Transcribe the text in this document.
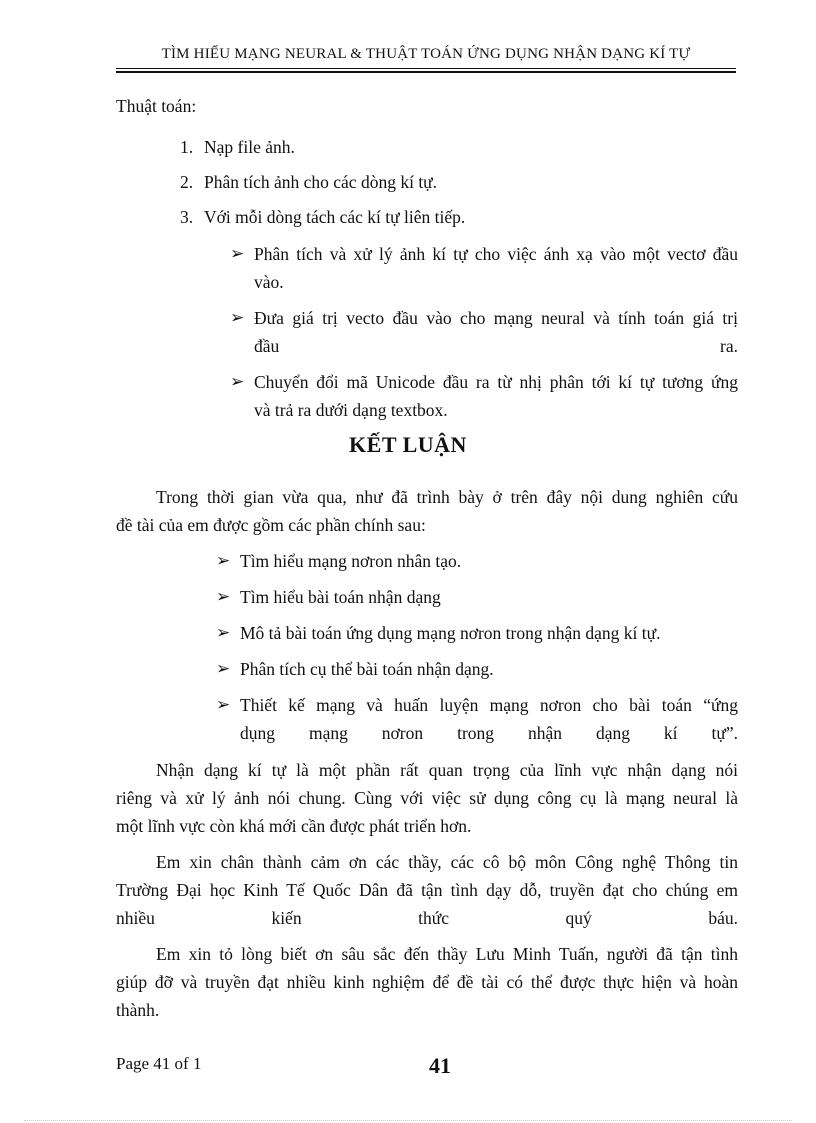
TÌM HIỂU MẠNG NEURAL & THUẬT TOÁN ỨNG DỤNG NHẬN DẠNG KÍ TỰ
Thuật toán:
1. Nạp file ảnh.
2. Phân tích ảnh cho các dòng kí tự.
3. Với mỗi dòng tách các kí tự liên tiếp.
➢ Phân tích và xử lý ảnh kí tự cho việc ánh xạ vào một vectơ đầu
vào.
➢ Đưa giá trị vecto đầu vào cho mạng neural và tính toán giá trị
đầu ra.
➢ Chuyển đổi mã Unicode đầu ra từ nhị phân tới kí tự tương ứng
và trả ra dưới dạng textbox.
KẾT LUẬN
Trong thời gian vừa qua, như đã trình bày ở trên đây nội dung nghiên cứu
đề tài của em được gồm các phần chính sau:
➢ Tìm hiểu mạng nơron nhân tạo.
➢ Tìm hiểu bài toán nhận dạng
➢ Mô tả bài toán ứng dụng mạng nơron trong nhận dạng kí tự.
➢ Phân tích cụ thể bài toán nhận dạng.
➢ Thiết kế mạng và huấn luyện mạng nơron cho bài toán “ứng
dụng mạng nơron trong nhận dạng kí tự”.
Nhận dạng kí tự là một phần rất quan trọng của lĩnh vực nhận dạng nói
riêng và xử lý ảnh nói chung. Cùng với việc sử dụng công cụ là mạng neural là
một lĩnh vực còn khá mới cần được phát triển hơn.
Em xin chân thành cảm ơn các thầy, các cô bộ môn Công nghệ Thông tin
Trường Đại học Kinh Tế Quốc Dân đã tận tình dạy dỗ, truyền đạt cho chúng em
nhiều kiến thức quý báu.
Em xin tỏ lòng biết ơn sâu sắc đến thầy Lưu Minh Tuấn, người đã tận tình
giúp đỡ và truyền đạt nhiều kinh nghiệm để đề tài có thể được thực hiện và hoàn
thành.
Page 41 of 1	41
